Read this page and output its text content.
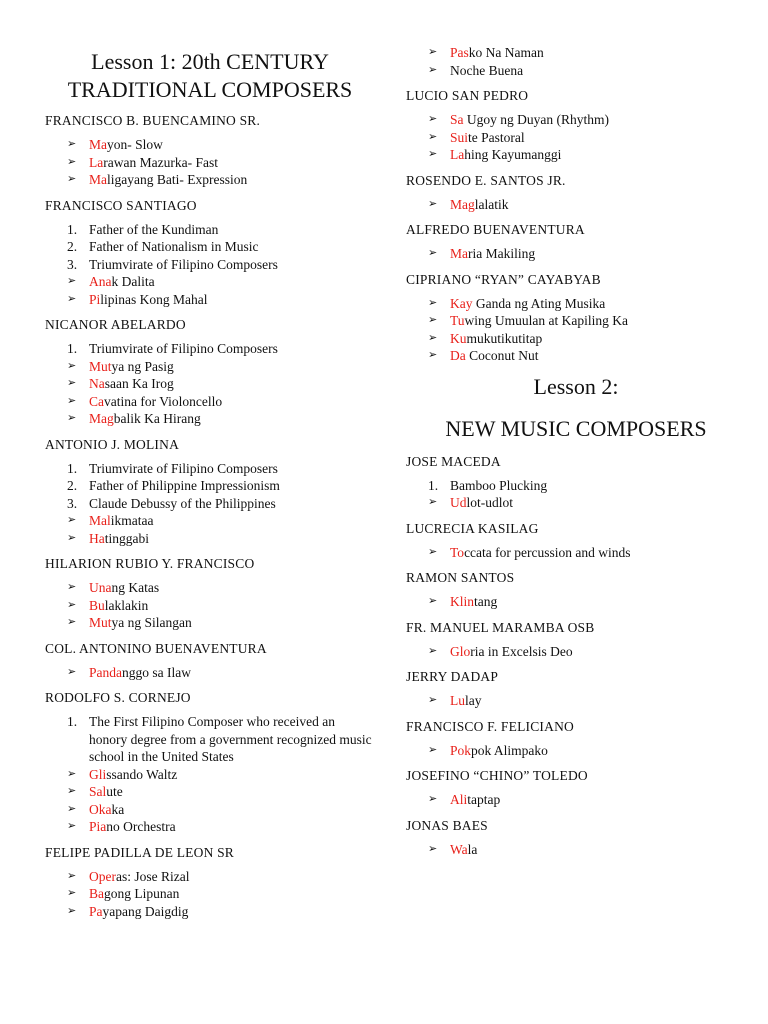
Lesson 1: 20th CENTURY
TRADITIONAL COMPOSERS
FRANCISCO B. BUENCAMINO SR.
➢ Mayon- Slow
➢ Larawan Mazurka- Fast
➢ Maligayang Bati- Expression
FRANCISCO SANTIAGO
1. Father of the Kundiman
2. Father of Nationalism in Music
3. Triumvirate of Filipino Composers
➢ Anak Dalita
➢ Pilipinas Kong Mahal
NICANOR ABELARDO
1. Triumvirate of Filipino Composers
➢ Mutya ng Pasig
➢ Nasaan Ka Irog
➢ Cavatina for Violoncello
➢ Magbalik Ka Hirang
ANTONIO J. MOLINA
1. Triumvirate of Filipino Composers
2. Father of Philippine Impressionism
3. Claude Debussy of the Philippines
➢ Malikmataa
➢ Hatinggabi
HILARION RUBIO Y. FRANCISCO
➢ Unang Katas
➢ Bulaklakin
➢ Mutya ng Silangan
COL. ANTONINO BUENAVENTURA
➢ Pandanggo sa Ilaw
RODOLFO S. CORNEJO
1. The First Filipino Composer who received an honory degree from a government recognized music school in the United States
➢ Glissando Waltz
➢ Salute
➢ Okaka
➢ Piano Orchestra
FELIPE PADILLA DE LEON SR
➢ Operas: Jose Rizal
➢ Bagong Lipunan
➢ Payapang Daigdig
➢ Pasko Na Naman
➢ Noche Buena
LUCIO SAN PEDRO
➢ Sa Ugoy ng Duyan (Rhythm)
➢ Suite Pastoral
➢ Lahing Kayumanggi
ROSENDO E. SANTOS JR.
➢ Maglalatik
ALFREDO BUENAVENTURA
➢ Maria Makiling
CIPRIANO “RYAN” CAYABYAB
➢ Kay Ganda ng Ating Musika
➢ Tuwing Umuulan at Kapiling Ka
➢ Kumukutikutitap
➢ Da Coconut Nut
Lesson 2:
NEW MUSIC COMPOSERS
JOSE MACEDA
1. Bamboo Plucking
➢ Udlot-udlot
LUCRECIA KASILAG
➢ Toccata for percussion and winds
RAMON SANTOS
➢ Klintang
FR. MANUEL MARAMBA OSB
➢ Gloria in Excelsis Deo
JERRY DADAP
➢ Lulay
FRANCISCO F. FELICIANO
➢ Pokpok Alimpako
JOSEFINO “CHINO” TOLEDO
➢ Alitaptap
JONAS BAES
➢ Wala
